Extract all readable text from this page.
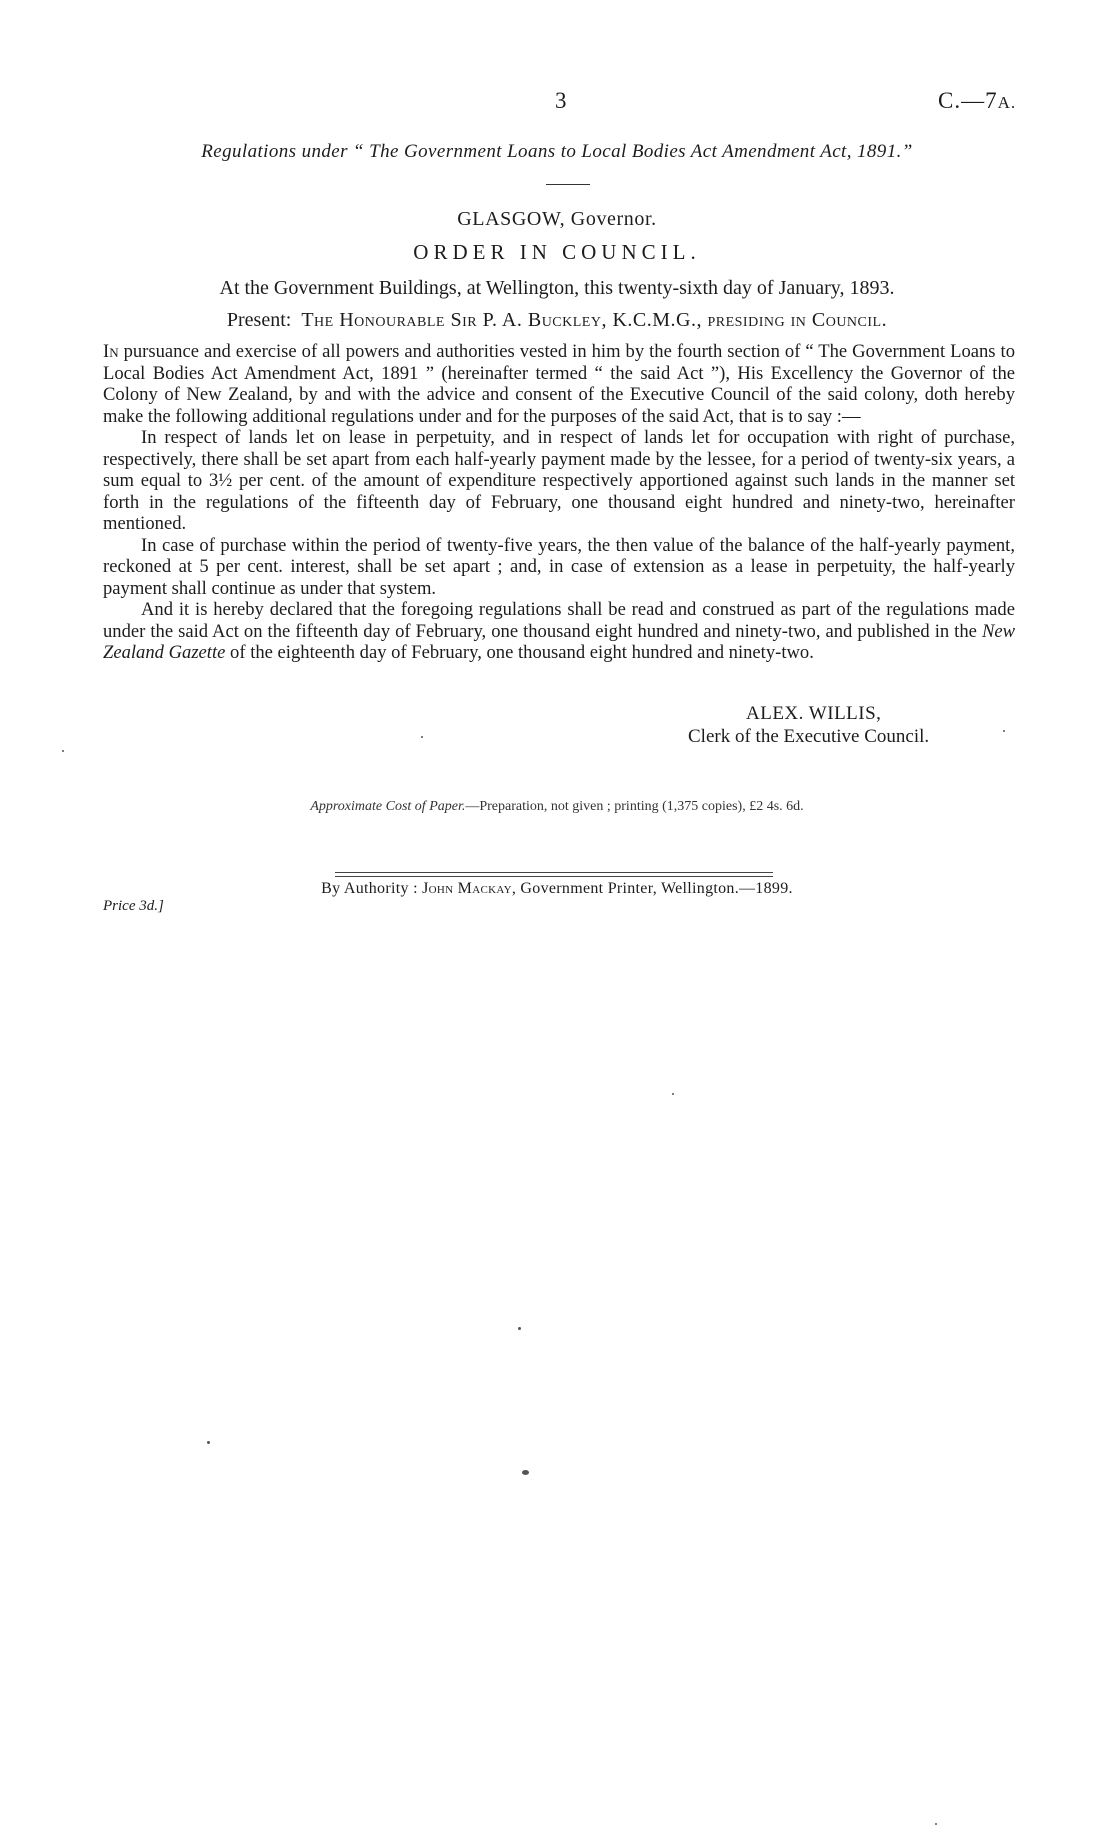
3	C.—7A.
Regulations under “ The Government Loans to Local Bodies Act Amendment Act, 1891.”
GLASGOW, Governor.
ORDER IN COUNCIL.
At the Government Buildings, at Wellington, this twenty-sixth day of January, 1893.
Present: The Honourable Sir P. A. Buckley, K.C.M.G., presiding in Council.

In pursuance and exercise of all powers and authorities vested in him by the fourth section of “ The Government Loans to Local Bodies Act Amendment Act, 1891 ” (hereinafter termed “ the said Act ”), His Excellency the Governor of the Colony of New Zealand, by and with the advice and consent of the Executive Council of the said colony, doth hereby make the following additional regulations under and for the purposes of the said Act, that is to say :—

In respect of lands let on lease in perpetuity, and in respect of lands let for occupation with right of purchase, respectively, there shall be set apart from each half-yearly payment made by the lessee, for a period of twenty-six years, a sum equal to 3½ per cent. of the amount of expenditure respectively apportioned against such lands in the manner set forth in the regulations of the fifteenth day of February, one thousand eight hundred and ninety-two, hereinafter mentioned.

In case of purchase within the period of twenty-five years, the then value of the balance of the half-yearly payment, reckoned at 5 per cent. interest, shall be set apart ; and, in case of extension as a lease in perpetuity, the half-yearly payment shall continue as under that system.

And it is hereby declared that the foregoing regulations shall be read and construed as part of the regulations made under the said Act on the fifteenth day of February, one thousand eight hundred and ninety-two, and published in the New Zealand Gazette of the eighteenth day of February, one thousand eight hundred and ninety-two.

ALEX. WILLIS,
Clerk of the Executive Council.
Approximate Cost of Paper.—Preparation, not given ; printing (1,375 copies), £2 4s. 6d.
By Authority : John Mackay, Government Printer, Wellington.—1899.
Price 3d.]
